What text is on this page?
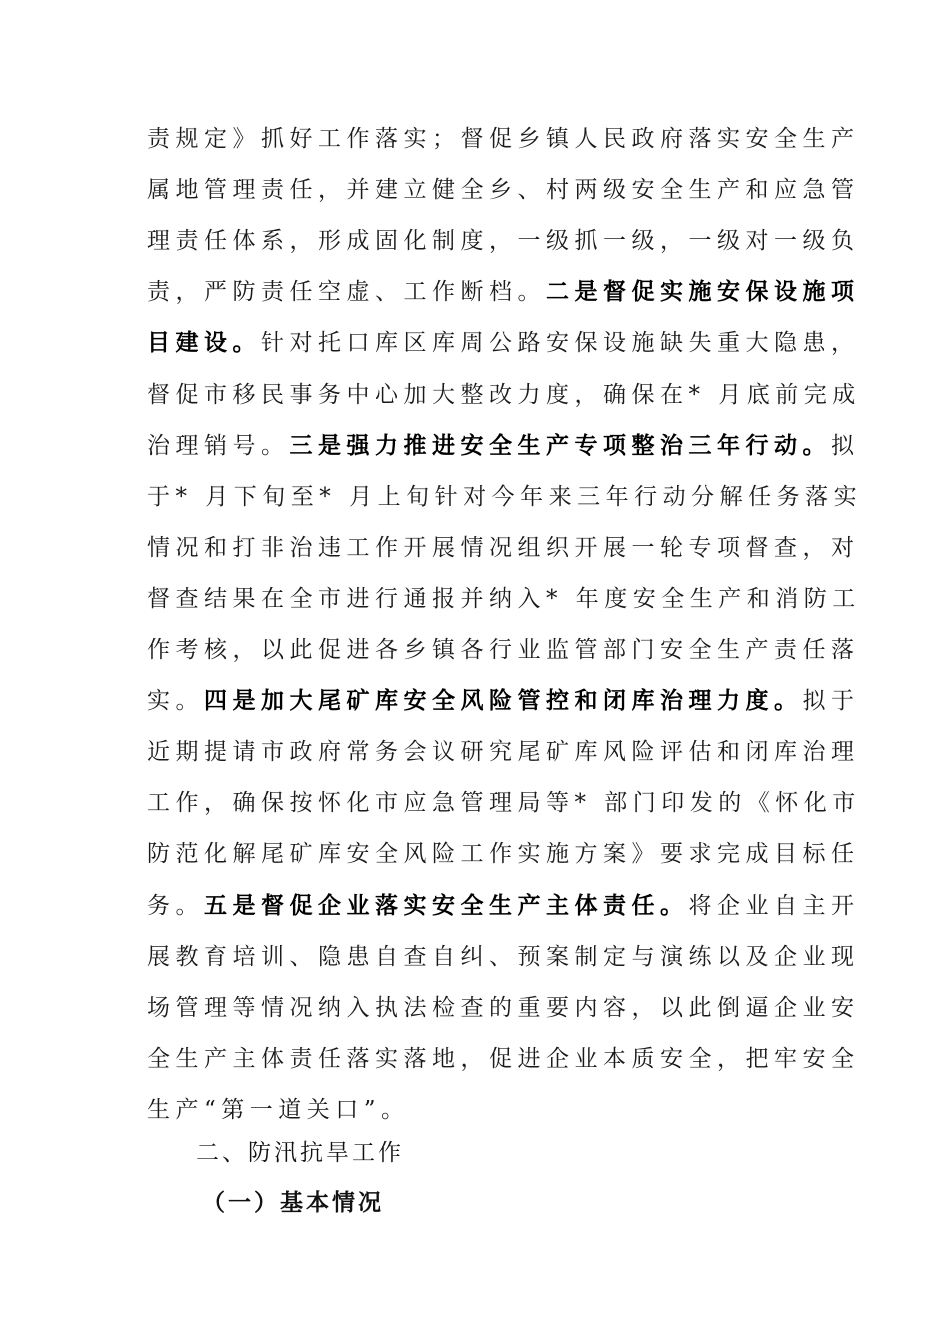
责规定》抓好工作落实；督促乡镇人民政府落实安全生产
属地管理责任，并建立健全乡、村两级安全生产和应急管
理责任体系，形成固化制度，一级抓一级，一级对一级负
责，严防责任空虚、工作断档。二是督促实施安保设施项
目建设。针对托口库区库周公路安保设施缺失重大隐患，
督促市移民事务中心加大整改力度，确保在* 月底前完成
治理销号。三是强力推进安全生产专项整治三年行动。拟
于* 月下旬至* 月上旬针对今年来三年行动分解任务落实
情况和打非治违工作开展情况组织开展一轮专项督查，对
督查结果在全市进行通报并纳入* 年度安全生产和消防工
作考核，以此促进各乡镇各行业监管部门安全生产责任落
实。四是加大尾矿库安全风险管控和闭库治理力度。拟于
近期提请市政府常务会议研究尾矿库风险评估和闭库治理
工作，确保按怀化市应急管理局等* 部门印发的《怀化市
防范化解尾矿库安全风险工作实施方案》要求完成目标任
务。五是督促企业落实安全生产主体责任。将企业自主开
展教育培训、隐患自查自纠、预案制定与演练以及企业现
场管理等情况纳入执法检查的重要内容，以此倒逼企业安
全生产主体责任落实落地，促进企业本质安全，把牢安全
生产“第一道关口”。
二、防汛抗旱工作
（一）基本情况
